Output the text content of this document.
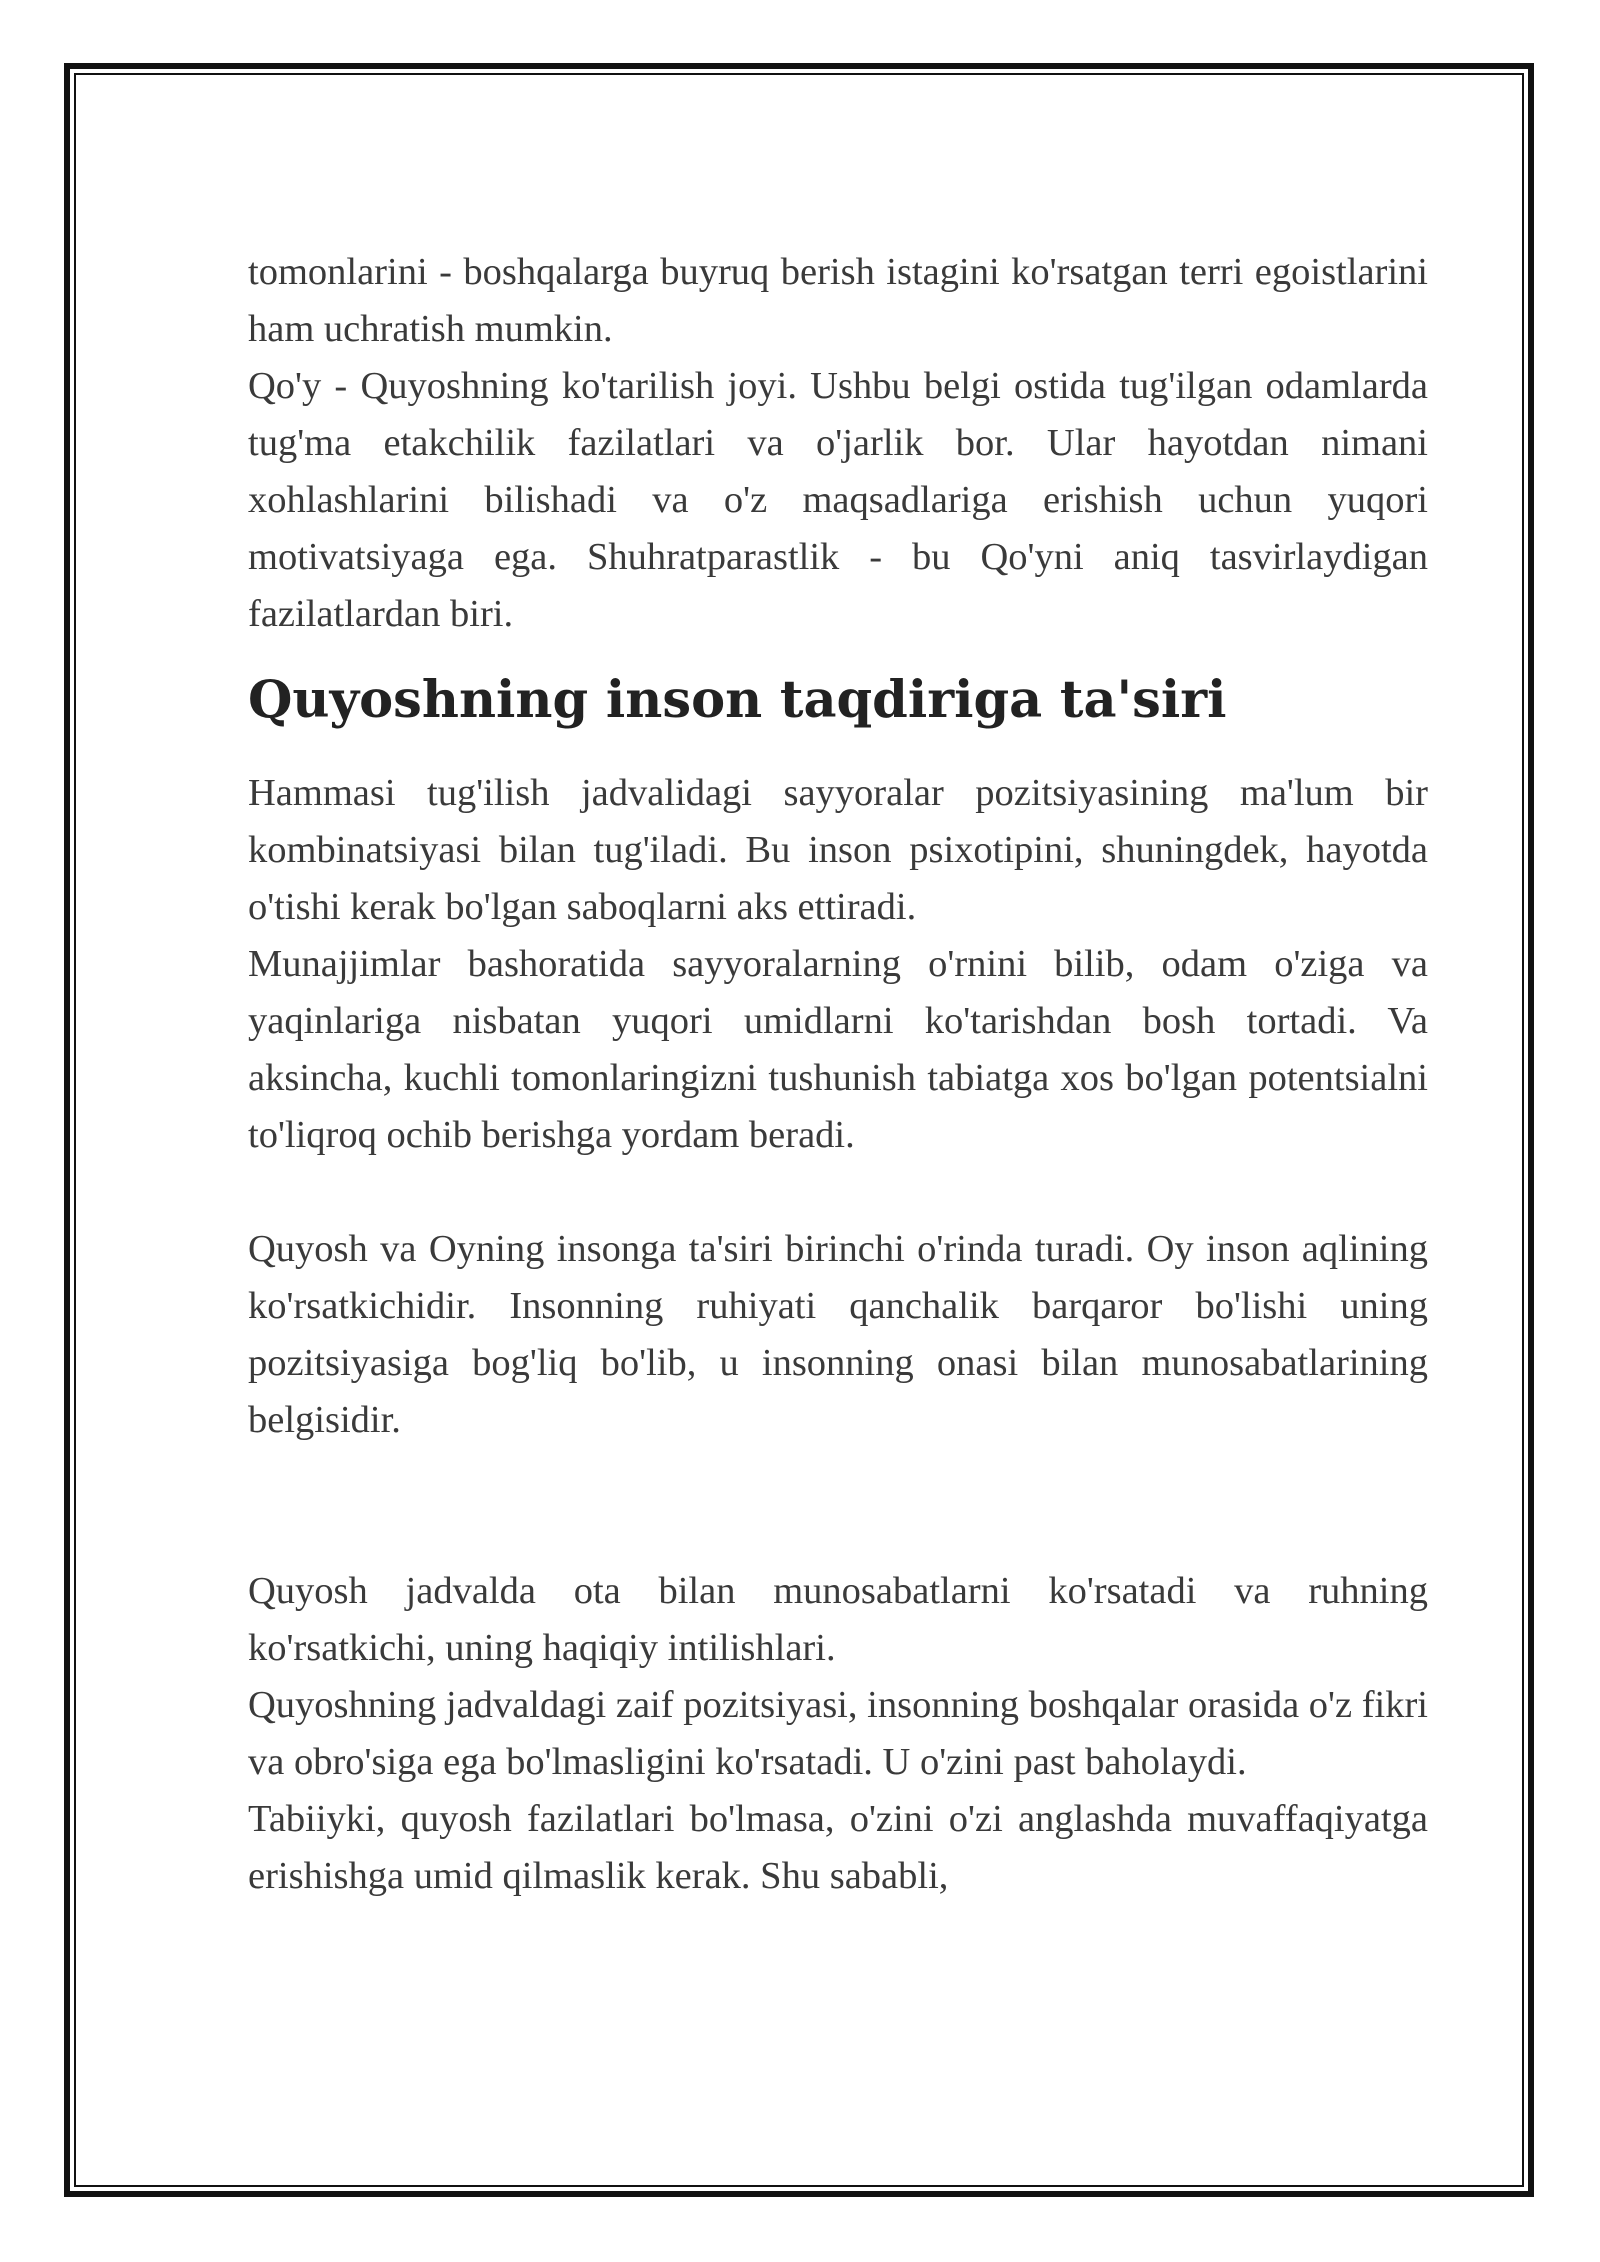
tomonlarini - boshqalarga buyruq berish istagini ko'rsatgan terri egoistlarini ham uchratish mumkin.

Qo'y - Quyoshning ko'tarilish joyi. Ushbu belgi ostida tug'ilgan odamlarda tug'ma etakchilik fazilatlari va o'jarlik bor. Ular hayotdan nimani xohlashlarini bilishadi va o'z maqsadlariga erishish uchun yuqori motivatsiyaga ega. Shuhratparastlik - bu Qo'yni aniq tasvirlaydigan fazilatlardan biri.

Quyoshning inson taqdiriga ta'siri

Hammasi tug'ilish jadvalidagi sayyoralar pozitsiyasining ma'lum bir kombinatsiyasi bilan tug'iladi. Bu inson psixotipini, shuningdek, hayotda o'tishi kerak bo'lgan saboqlarni aks ettiradi.

Munajjimlar bashoratida sayyoralarning o'rnini bilib, odam o'ziga va yaqinlariga nisbatan yuqori umidlarni ko'tarishdan bosh tortadi. Va aksincha, kuchli tomonlaringizni tushunish tabiatga xos bo'lgan potentsialni to'liqroq ochib berishga yordam beradi.

Quyosh va Oyning insonga ta'siri birinchi o'rinda turadi. Oy inson aqlining ko'rsatkichidir. Insonning ruhiyati qanchalik barqaror bo'lishi uning pozitsiyasiga bog'liq bo'lib, u insonning onasi bilan munosabatlarining belgisidir.

Quyosh jadvalda ota bilan munosabatlarni ko'rsatadi va ruhning ko'rsatkichi, uning haqiqiy intilishlari.

Quyoshning jadvaldagi zaif pozitsiyasi, insonning boshqalar orasida o'z fikri va obro'siga ega bo'lmasligini ko'rsatadi. U o'zini past baholaydi.

Tabiiyki, quyosh fazilatlari bo'lmasa, o'zini o'zi anglashda muvaffaqiyatga erishishga umid qilmaslik kerak. Shu sababli,
